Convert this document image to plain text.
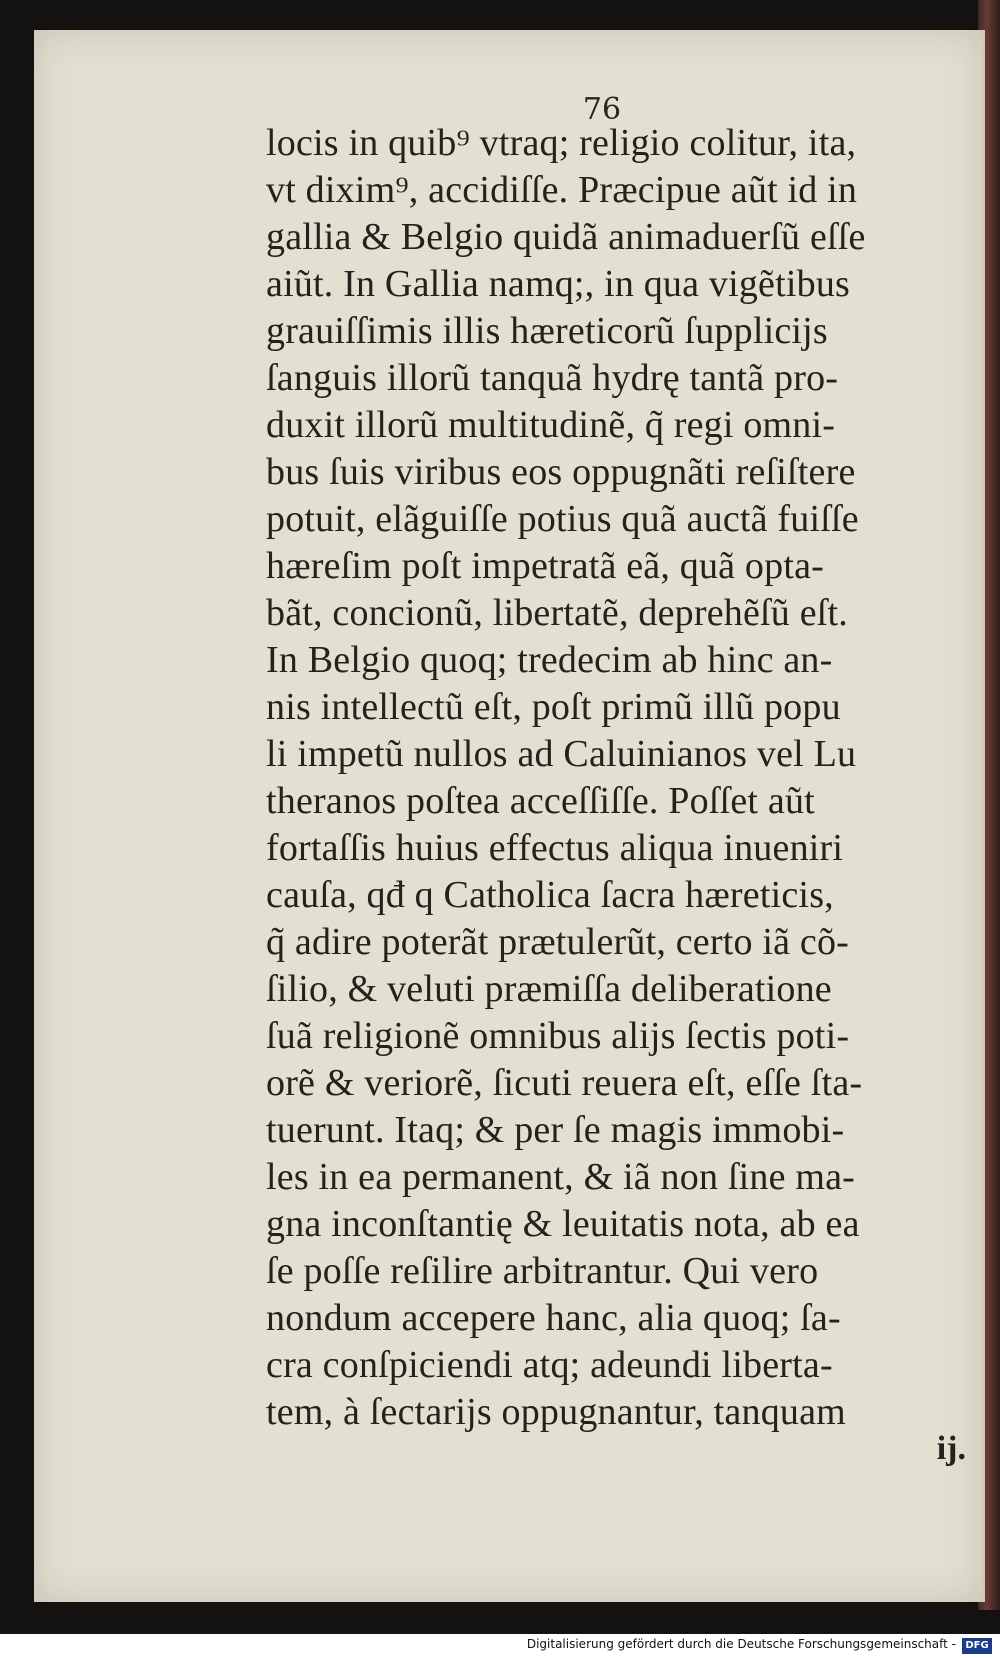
76
locis in quib⁹ vtraq; religio colitur, ita,
vt dixim⁹, accidiſſe. Præcipue aũt id in
gallia & Belgio quidã animaduerſũ eſſe
aiũt. In Gallia namq;, in qua vigẽtibus
grauiſſimis illis hæreticorũ ſupplicijs
ſanguis illorũ tanquã hydrę tantã pro-
duxit illorũ multitudinẽ, q̃ regi omni-
bus ſuis viribus eos oppugnãti reſiſtere
potuit, elãguiſſe potius quã auctã fuiſſe
hæreſim poſt impetratã eã, quã opta-
bãt, concionũ, libertatẽ, deprehẽſũ eſt.
In Belgio quoq; tredecim ab hinc an-
nis intellectũ eſt, poſt primũ illũ popu
li impetũ nullos ad Caluinianos vel Lu
theranos poſtea acceſſiſſe. Poſſet aũt
fortaſſis huius effectus aliqua inueniri
cauſa, qđ q Catholica ſacra hæreticis,
q̃ adire poterãt prætulerũt, certo iã cõ-
ſilio, & veluti præmiſſa deliberatione
ſuã religionẽ omnibus alijs ſectis poti-
orẽ & veriorẽ, ſicuti reuera eſt, eſſe ſta-
tuerunt. Itaq; & per ſe magis immobi-
les in ea permanent, & iã non ſine ma-
gna inconſtantię & leuitatis nota, ab ea
ſe poſſe reſilire arbitrantur. Qui vero
nondum accepere hanc, alia quoq; ſa-
cra conſpiciendi atq; adeundi liberta-
tem, à ſectarijs oppugnantur, tanquam
ij.
Digitalisierung gefördert durch die Deutsche Forschungsgemeinschaft - DFG
